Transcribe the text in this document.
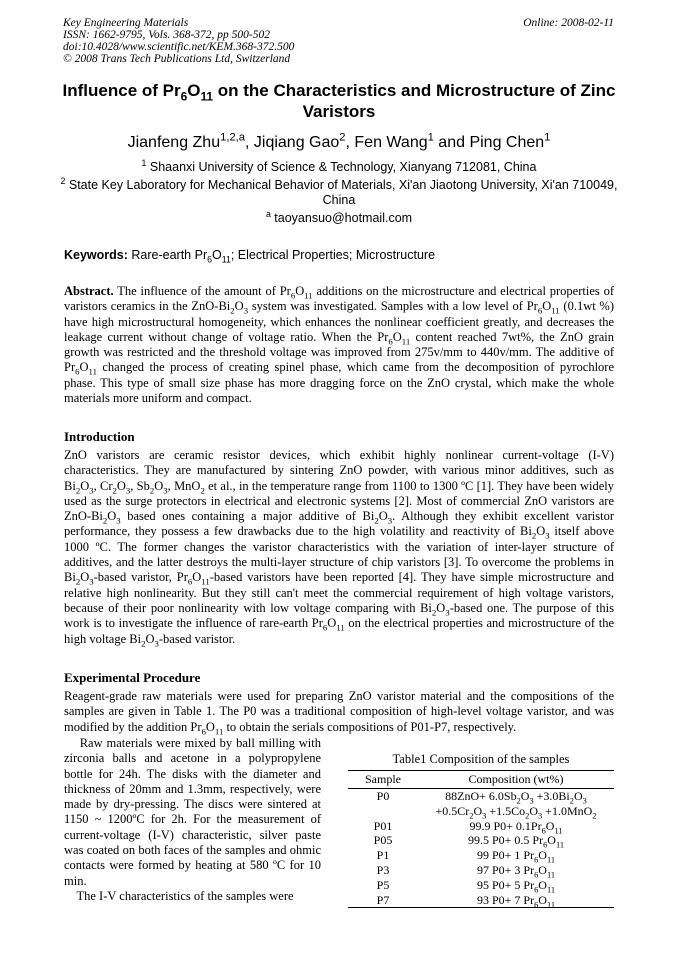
Key Engineering Materials
ISSN: 1662-9795, Vols. 368-372, pp 500-502
doi:10.4028/www.scientific.net/KEM.368-372.500
© 2008 Trans Tech Publications Ltd, Switzerland
Online: 2008-02-11
Influence of $Pr_6O_{11}$ on the Characteristics and Microstructure of Zinc Varistors
Jianfeng Zhu$^{1,2,a}$, Jiqiang Gao$^2$, Fen Wang$^1$ and Ping Chen$^1$
$^1$ Shaanxi University of Science & Technology, Xianyang 712081, China
$^2$ State Key Laboratory for Mechanical Behavior of Materials, Xi'an Jiaotong University, Xi'an 710049, China
$^a$ taoyansuo@hotmail.com
Keywords: Rare-earth $Pr_6O_{11}$; Electrical Properties; Microstructure
Abstract. The influence of the amount of $Pr_6O_{11}$ additions on the microstructure and electrical properties of varistors ceramics in the ZnO-$Bi_2O_3$ system was investigated. Samples with a low level of $Pr_6O_{11}$ (0.1wt %) have high microstructural homogeneity, which enhances the nonlinear coefficient greatly, and decreases the leakage current without change of voltage ratio. When the $Pr_6O_{11}$ content reached 7wt%, the ZnO grain growth was restricted and the threshold voltage was improved from 275v/mm to 440v/mm. The additive of $Pr_6O_{11}$ changed the process of creating spinel phase, which came from the decomposition of pyrochlore phase. This type of small size phase has more dragging force on the ZnO crystal, which make the whole materials more uniform and compact.
Introduction
ZnO varistors are ceramic resistor devices, which exhibit highly nonlinear current-voltage (I-V) characteristics. They are manufactured by sintering ZnO powder, with various minor additives, such as $Bi_2O_3$, $Cr_2O_3$, $Sb_2O_3$, MnO$_2$ et al., in the temperature range from 1100 to 1300 ºC [1]. They have been widely used as the surge protectors in electrical and electronic systems [2]. Most of commercial ZnO varistors are ZnO-$Bi_2O_3$ based ones containing a major additive of $Bi_2O_3$. Although they exhibit excellent varistor performance, they possess a few drawbacks due to the high volatility and reactivity of $Bi_2O_3$ itself above 1000 ºC. The former changes the varistor characteristics with the variation of inter-layer structure of additives, and the latter destroys the multi-layer structure of chip varistors [3]. To overcome the problems in $Bi_2O_3$-based varistor, $Pr_6O_{11}$-based varistors have been reported [4]. They have simple microstructure and relative high nonlinearity. But they still can't meet the commercial requirement of high voltage varistors, because of their poor nonlinearity with low voltage comparing with $Bi_2O_3$-based one. The purpose of this work is to investigate the influence of rare-earth $Pr_6O_{11}$ on the electrical properties and microstructure of the high voltage $Bi_2O_3$-based varistor.
Experimental Procedure
Reagent-grade raw materials were used for preparing ZnO varistor material and the compositions of the samples are given in Table 1. The P0 was a traditional composition of high-level voltage varistor, and was modified by the addition $Pr_6O_{11}$ to obtain the serials compositions of P01-P7, respectively.
Raw materials were mixed by ball milling with zirconia balls and acetone in a polypropylene bottle for 24h. The disks with the diameter and thickness of 20mm and 1.3mm, respectively, were made by dry-pressing. The discs were sintered at 1150 ~ 1200ºC for 2h. For the measurement of current-voltage (I-V) characteristic, silver paste was coated on both faces of the samples and ohmic contacts were formed by heating at 580 ºC for 10 min.
The I-V characteristics of the samples were
Table1 Composition of the samples
Sample	Composition (wt%)
P0	$88ZnO+ 6.0Sb_2O_3 +3.0Bi_2O_3$
$+0.5Cr_2O_3 +1.5Co_2O_3 +1.0MnO_2$
P01	99.9 $P0+ 0.1Pr_6O_{11}$
P05	99.5 P0+ 0.5 $Pr_6O_{11}$
P1	99 P0+ 1 $Pr_6O_{11}$
P3	97 P0+ 3 $Pr_6O_{11}$
P5	95 P0+ 5 $Pr_6O_{11}$
P7	93 P0+ 7 $Pr_6O_{11}$
